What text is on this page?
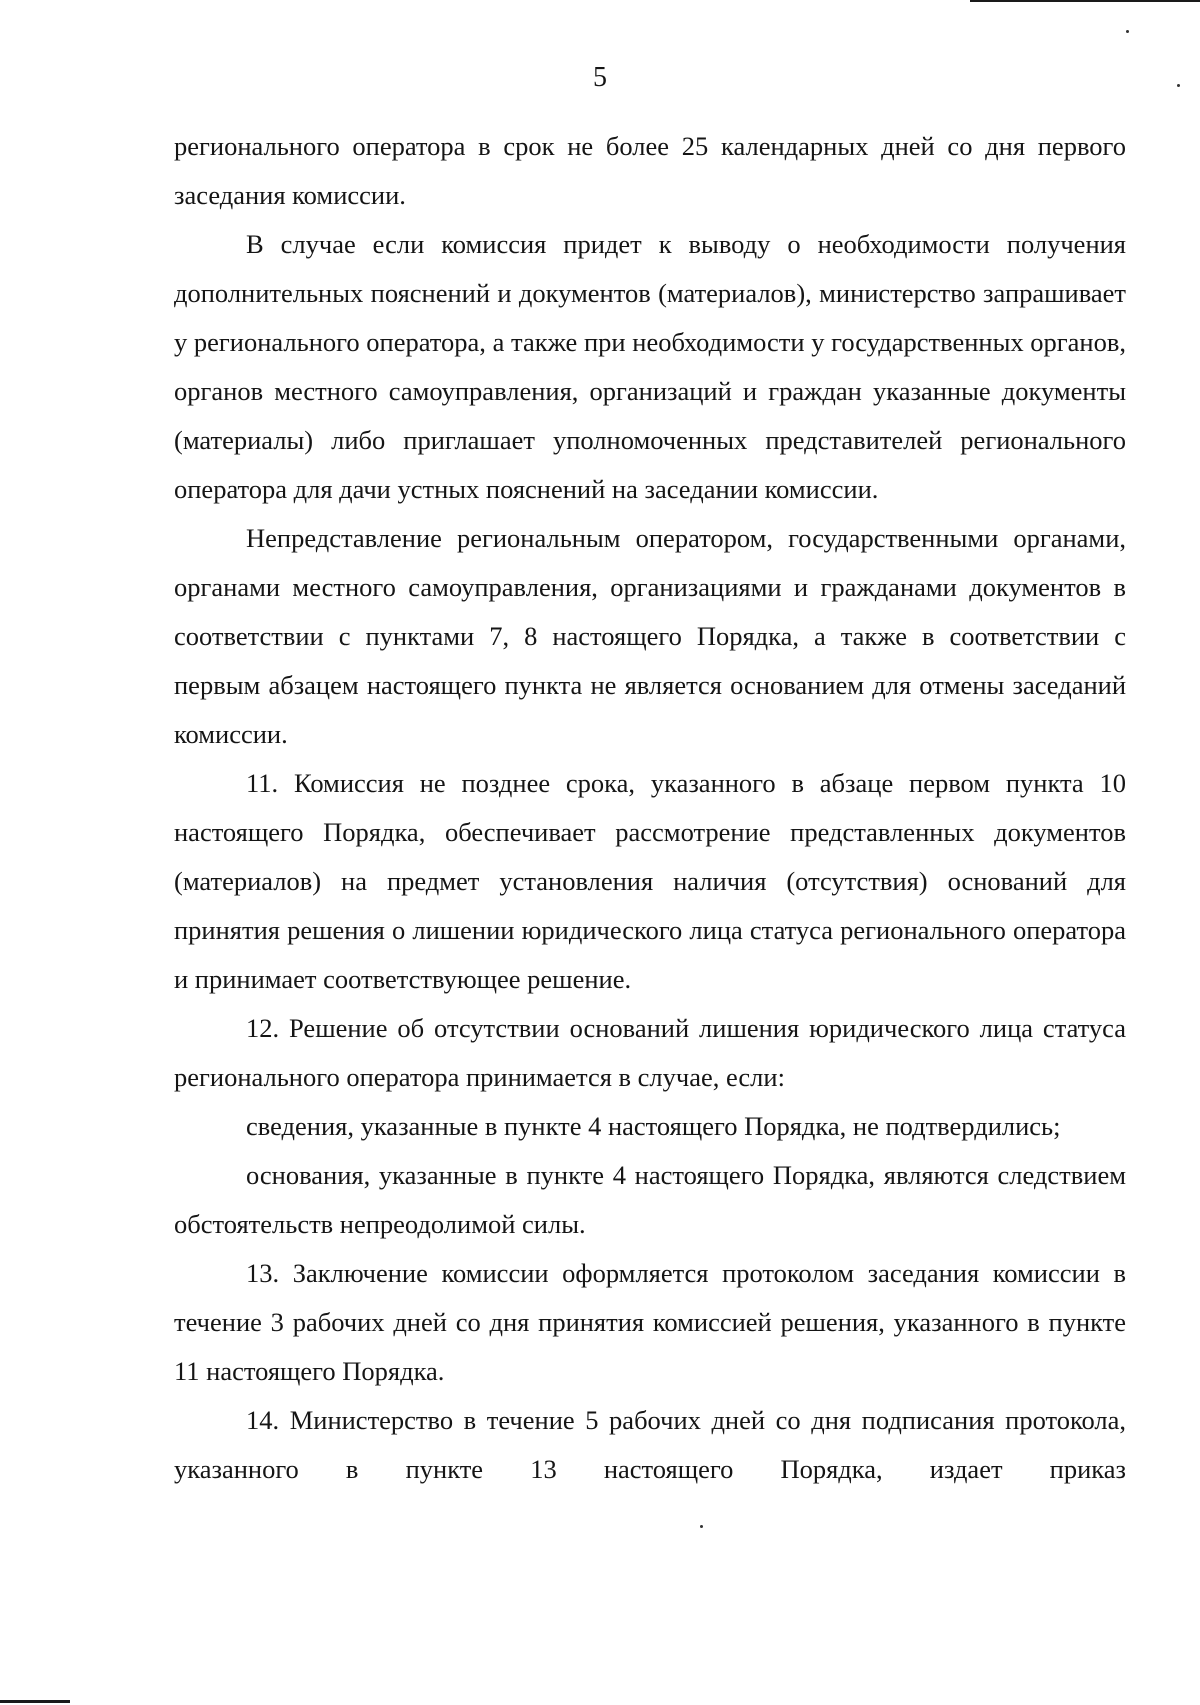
5

регионального оператора в срок не более 25 календарных дней со дня первого заседания комиссии.

В случае если комиссия придет к выводу о необходимости получения дополнительных пояснений и документов (материалов), министерство запрашивает у регионального оператора, а также при необходимости у государственных органов, органов местного самоуправления, организаций и граждан указанные документы (материалы) либо приглашает уполномоченных представителей регионального оператора для дачи устных пояснений на заседании комиссии.

Непредставление региональным оператором, государственными органами, органами местного самоуправления, организациями и гражданами документов в соответствии с пунктами 7, 8 настоящего Порядка, а также в соответствии с первым абзацем настоящего пункта не является основанием для отмены заседаний комиссии.

11. Комиссия не позднее срока, указанного в абзаце первом пункта 10 настоящего Порядка, обеспечивает рассмотрение представленных документов (материалов) на предмет установления наличия (отсутствия) оснований для принятия решения о лишении юридического лица статуса регионального оператора и принимает соответствующее решение.

12. Решение об отсутствии оснований лишения юридического лица статуса регионального оператора принимается в случае, если:

сведения, указанные в пункте 4 настоящего Порядка, не подтвердились;

основания, указанные в пункте 4 настоящего Порядка, являются следствием обстоятельств непреодолимой силы.

13. Заключение комиссии оформляется протоколом заседания комиссии в течение 3 рабочих дней со дня принятия комиссией решения, указанного в пункте 11 настоящего Порядка.

14. Министерство в течение 5 рабочих дней со дня подписания протокола, указанного в пункте 13 настоящего Порядка, издает приказ
